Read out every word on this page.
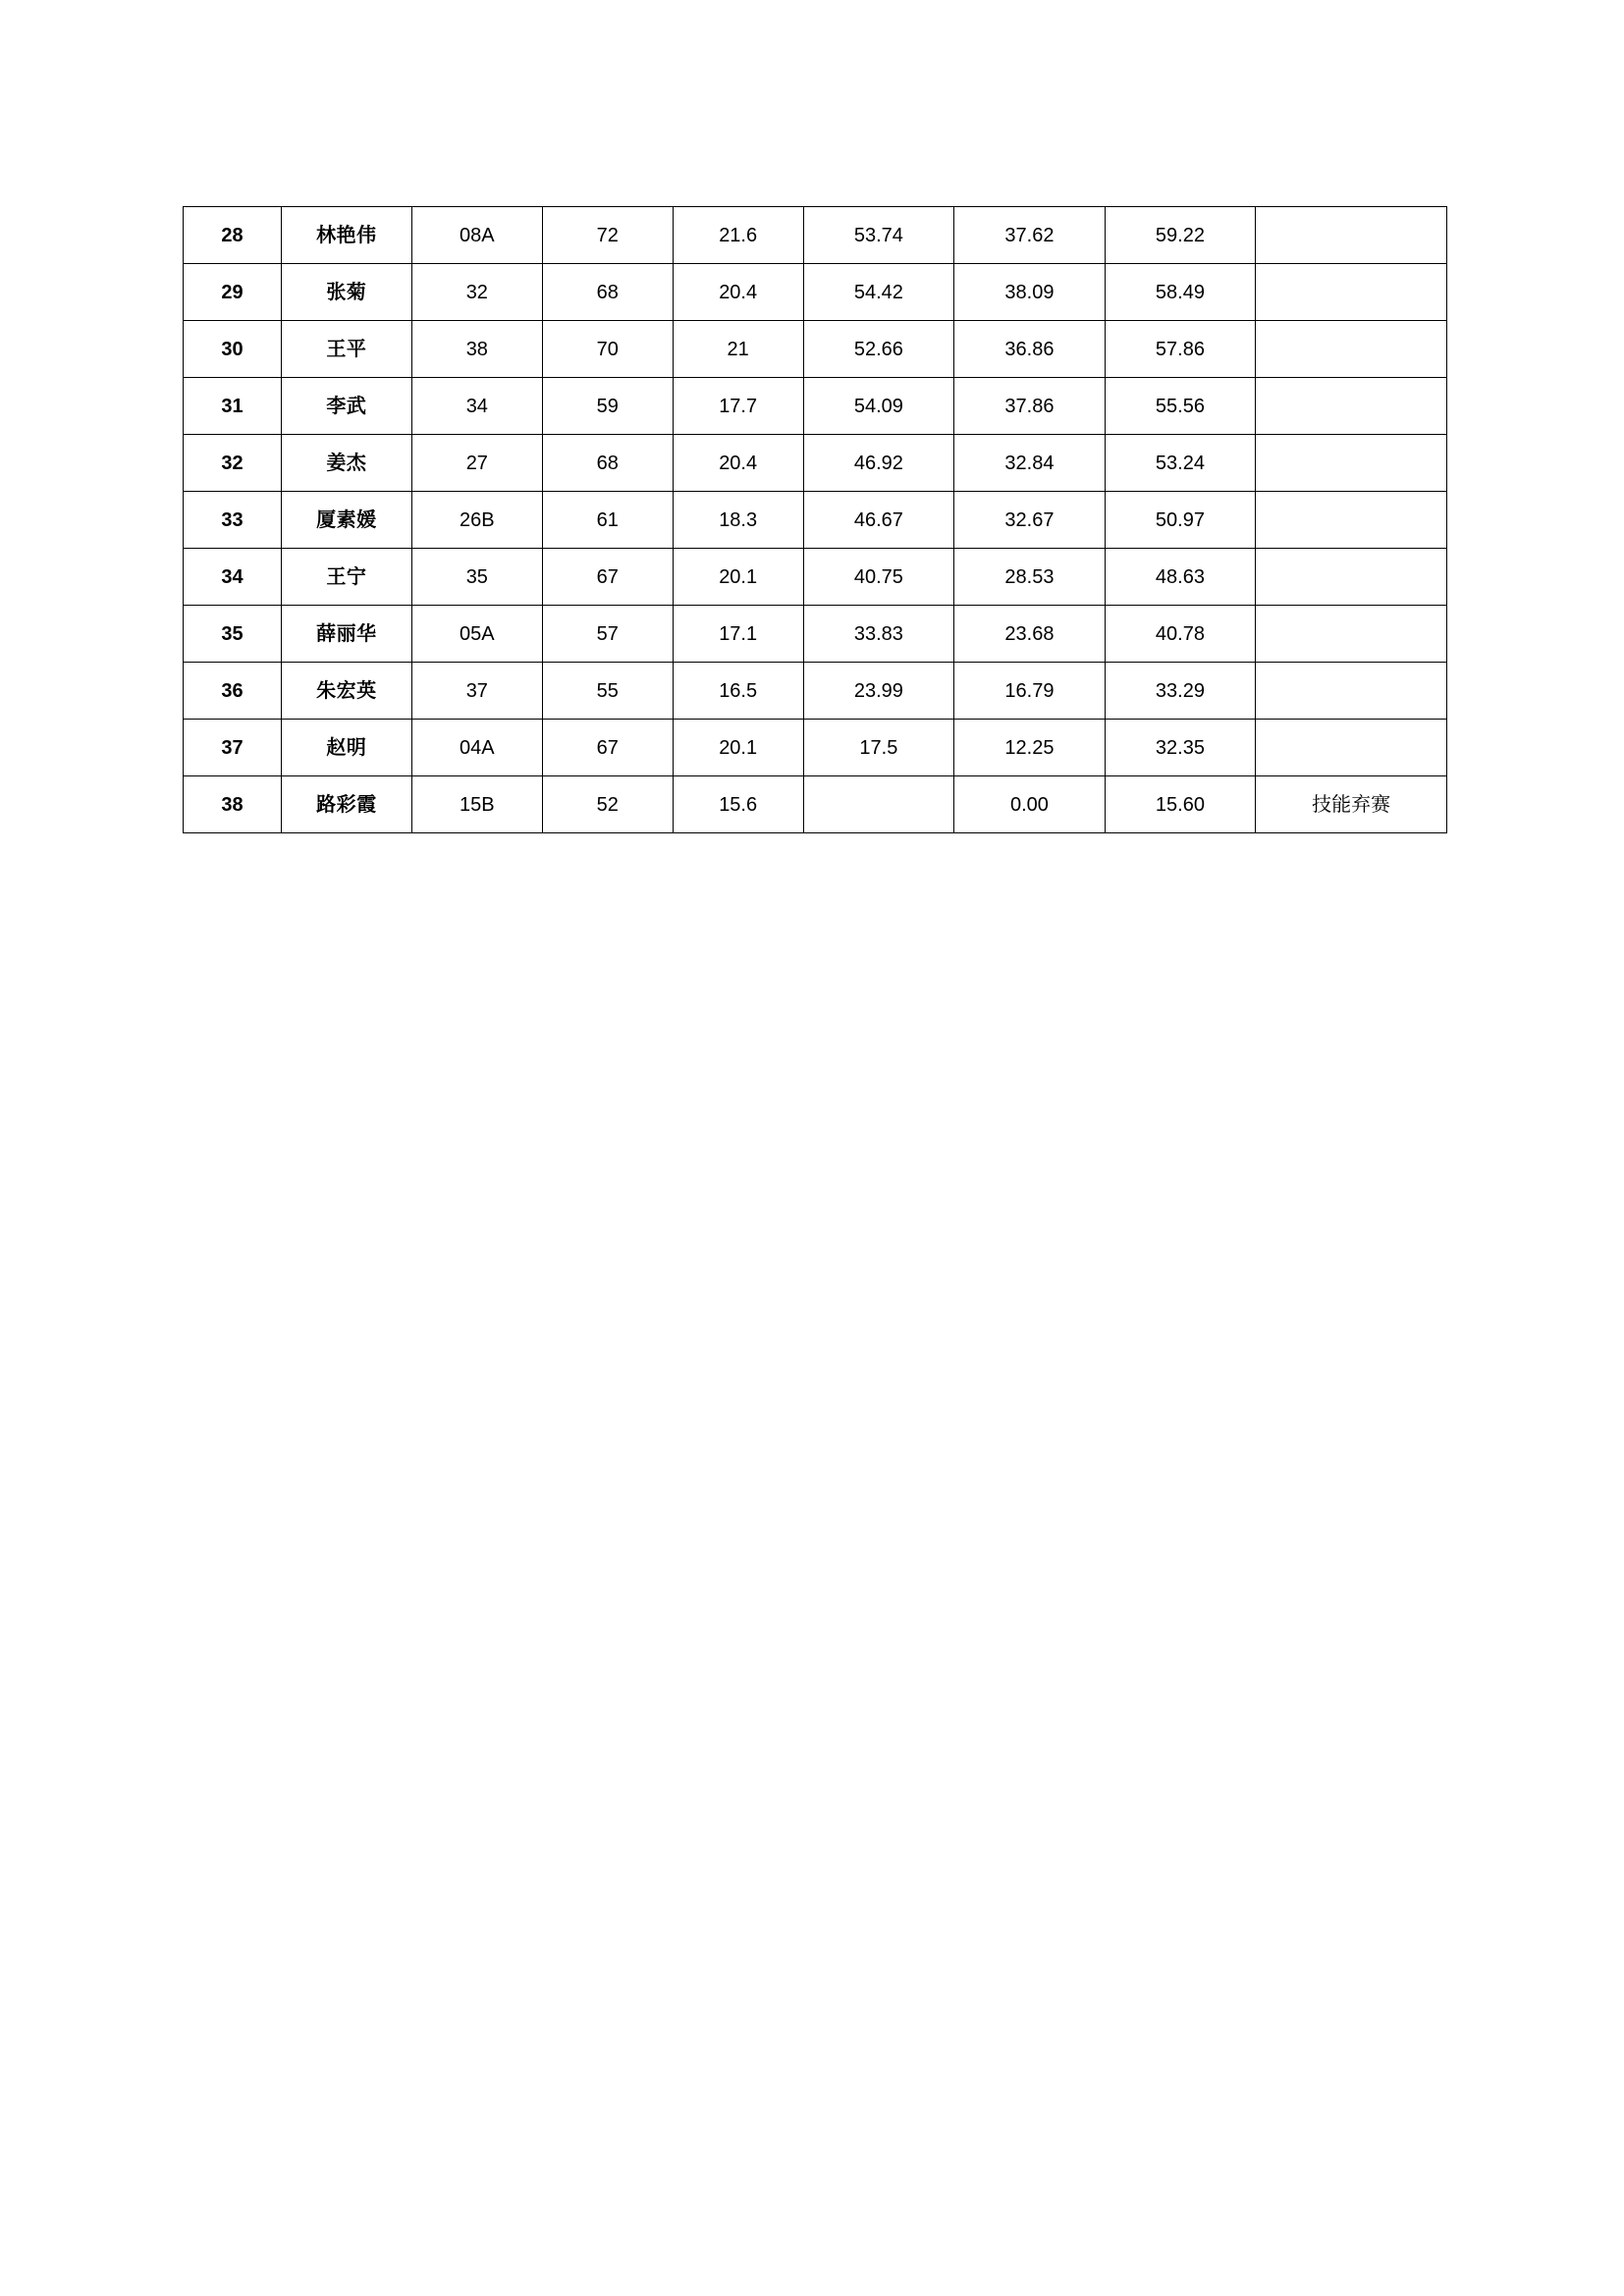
28	林艳伟	08A	72	21.6	53.74	37.62	59.22	
29	张菊	32	68	20.4	54.42	38.09	58.49	
30	王平	38	70	21	52.66	36.86	57.86	
31	李武	34	59	17.7	54.09	37.86	55.56	
32	姜杰	27	68	20.4	46.92	32.84	53.24	
33	厦素媛	26B	61	18.3	46.67	32.67	50.97	
34	王宁	35	67	20.1	40.75	28.53	48.63	
35	薛丽华	05A	57	17.1	33.83	23.68	40.78	
36	朱宏英	37	55	16.5	23.99	16.79	33.29	
37	赵明	04A	67	20.1	17.5	12.25	32.35	
38	路彩霞	15B	52	15.6		0.00	15.60	技能弃赛
